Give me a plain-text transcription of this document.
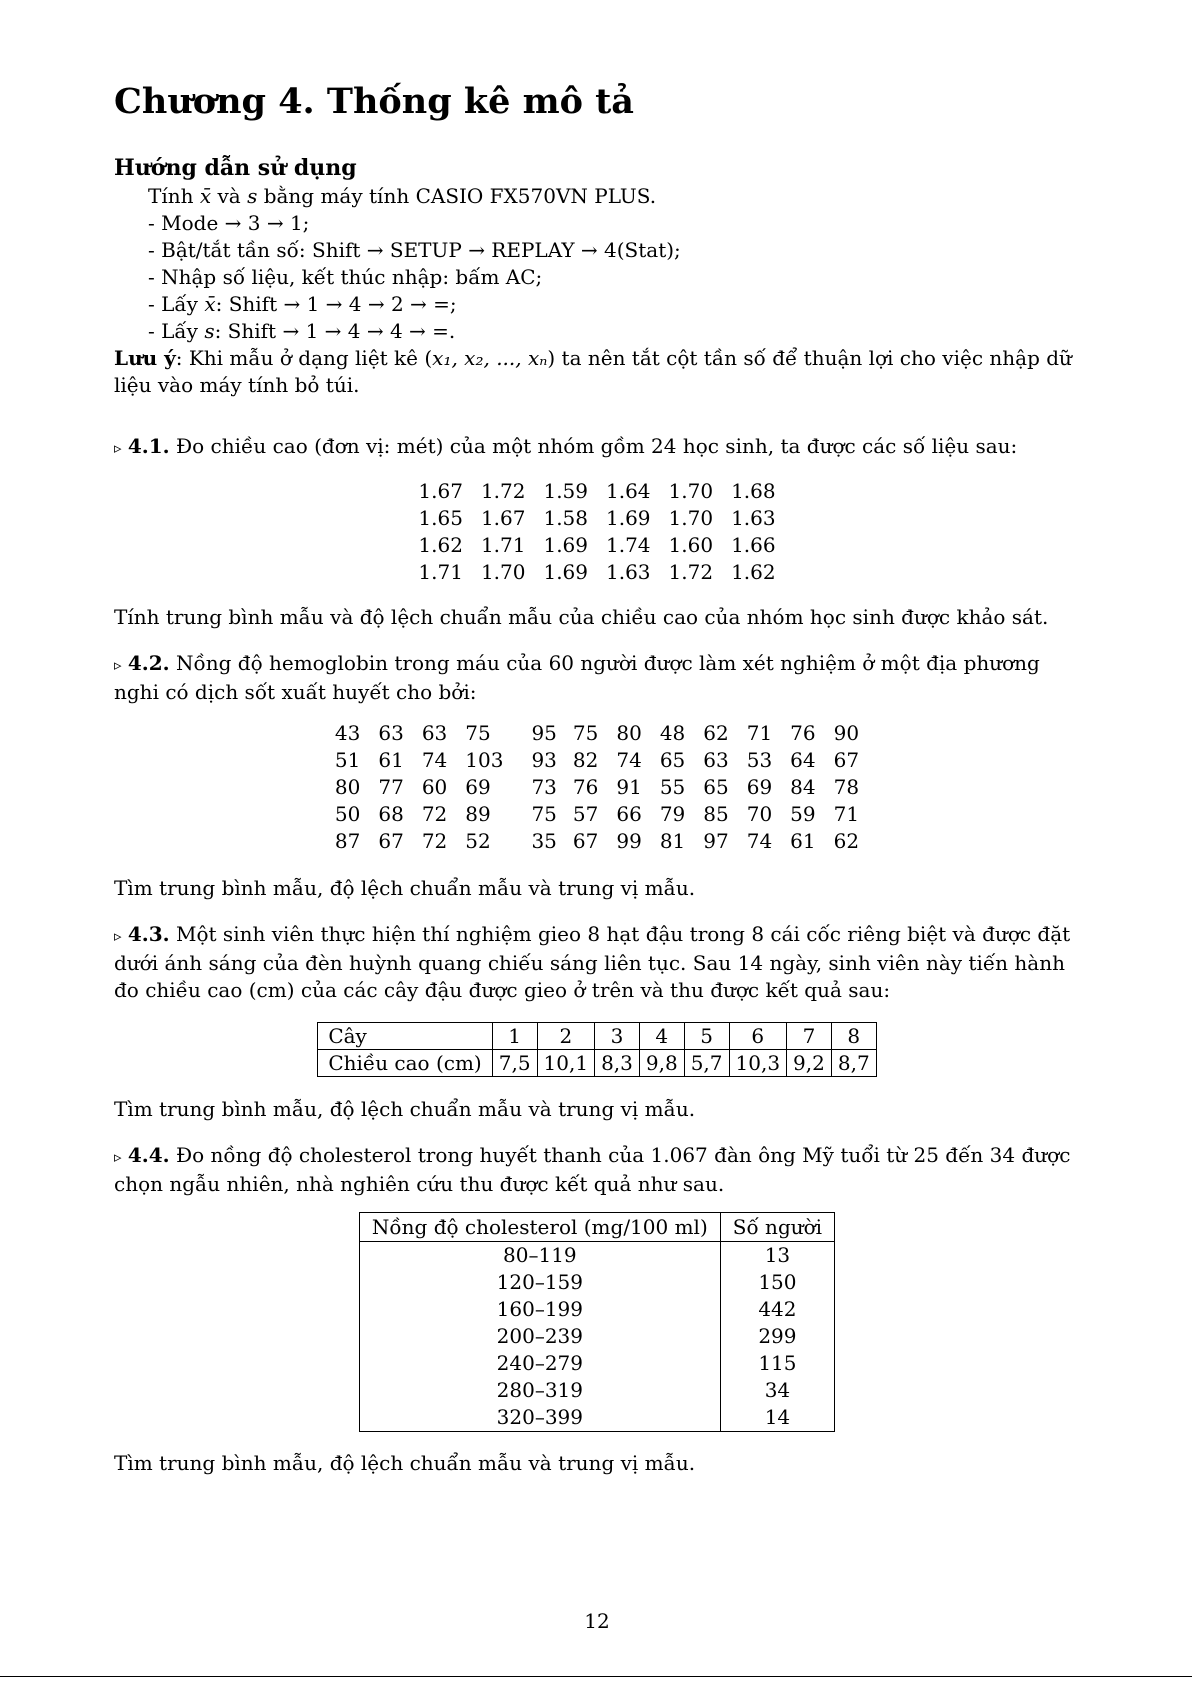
Chương 4. Thống kê mô tả
Hướng dẫn sử dụng
Tính x̄ và s bằng máy tính CASIO FX570VN PLUS.
- Mode → 3 → 1;
- Bật/tắt tần số: Shift → SETUP → REPLAY → 4(Stat);
- Nhập số liệu, kết thúc nhập: bấm AC;
- Lấy x̄: Shift → 1 → 4 → 2 → =;
- Lấy s: Shift → 1 → 4 → 4 → =.

Lưu ý: Khi mẫu ở dạng liệt kê (x₁, x₂, ..., xₙ) ta nên tắt cột tần số để thuận lợi cho việc nhập dữ liệu vào máy tính bỏ túi.

▹ 4.1. Đo chiều cao (đơn vị: mét) của một nhóm gồm 24 học sinh, ta được các số liệu sau:

1.67	1.72	1.59	1.64	1.70	1.68
1.65	1.67	1.58	1.69	1.70	1.63
1.62	1.71	1.69	1.74	1.60	1.66
1.71	1.70	1.69	1.63	1.72	1.62
Tính trung bình mẫu và độ lệch chuẩn mẫu của chiều cao của nhóm học sinh được khảo sát.

▹ 4.2. Nồng độ hemoglobin trong máu của 60 người được làm xét nghiệm ở một địa phương nghi có dịch sốt xuất huyết cho bởi:

43	63	63	75	95	75	80	48	62	71	76	90
51	61	74	103	93	82	74	65	63	53	64	67
80	77	60	69	73	76	91	55	65	69	84	78
50	68	72	89	75	57	66	79	85	70	59	71
87	67	72	52	35	67	99	81	97	74	61	62
Tìm trung bình mẫu, độ lệch chuẩn mẫu và trung vị mẫu.

▹ 4.3. Một sinh viên thực hiện thí nghiệm gieo 8 hạt đậu trong 8 cái cốc riêng biệt và được đặt dưới ánh sáng của đèn huỳnh quang chiếu sáng liên tục. Sau 14 ngày, sinh viên này tiến hành đo chiều cao (cm) của các cây đậu được gieo ở trên và thu được kết quả sau:

Cây	1	2	3	4	5	6	7	8
Chiều cao (cm)	7,5	10,1	8,3	9,8	5,7	10,3	9,2	8,7
Tìm trung bình mẫu, độ lệch chuẩn mẫu và trung vị mẫu.

▹ 4.4. Đo nồng độ cholesterol trong huyết thanh của 1.067 đàn ông Mỹ tuổi từ 25 đến 34 được chọn ngẫu nhiên, nhà nghiên cứu thu được kết quả như sau.

Nồng độ cholesterol (mg/100 ml)	Số người
80–119	13
120–159	150
160–199	442
200–239	299
240–279	115
280–319	34
320–399	14
Tìm trung bình mẫu, độ lệch chuẩn mẫu và trung vị mẫu.
12
